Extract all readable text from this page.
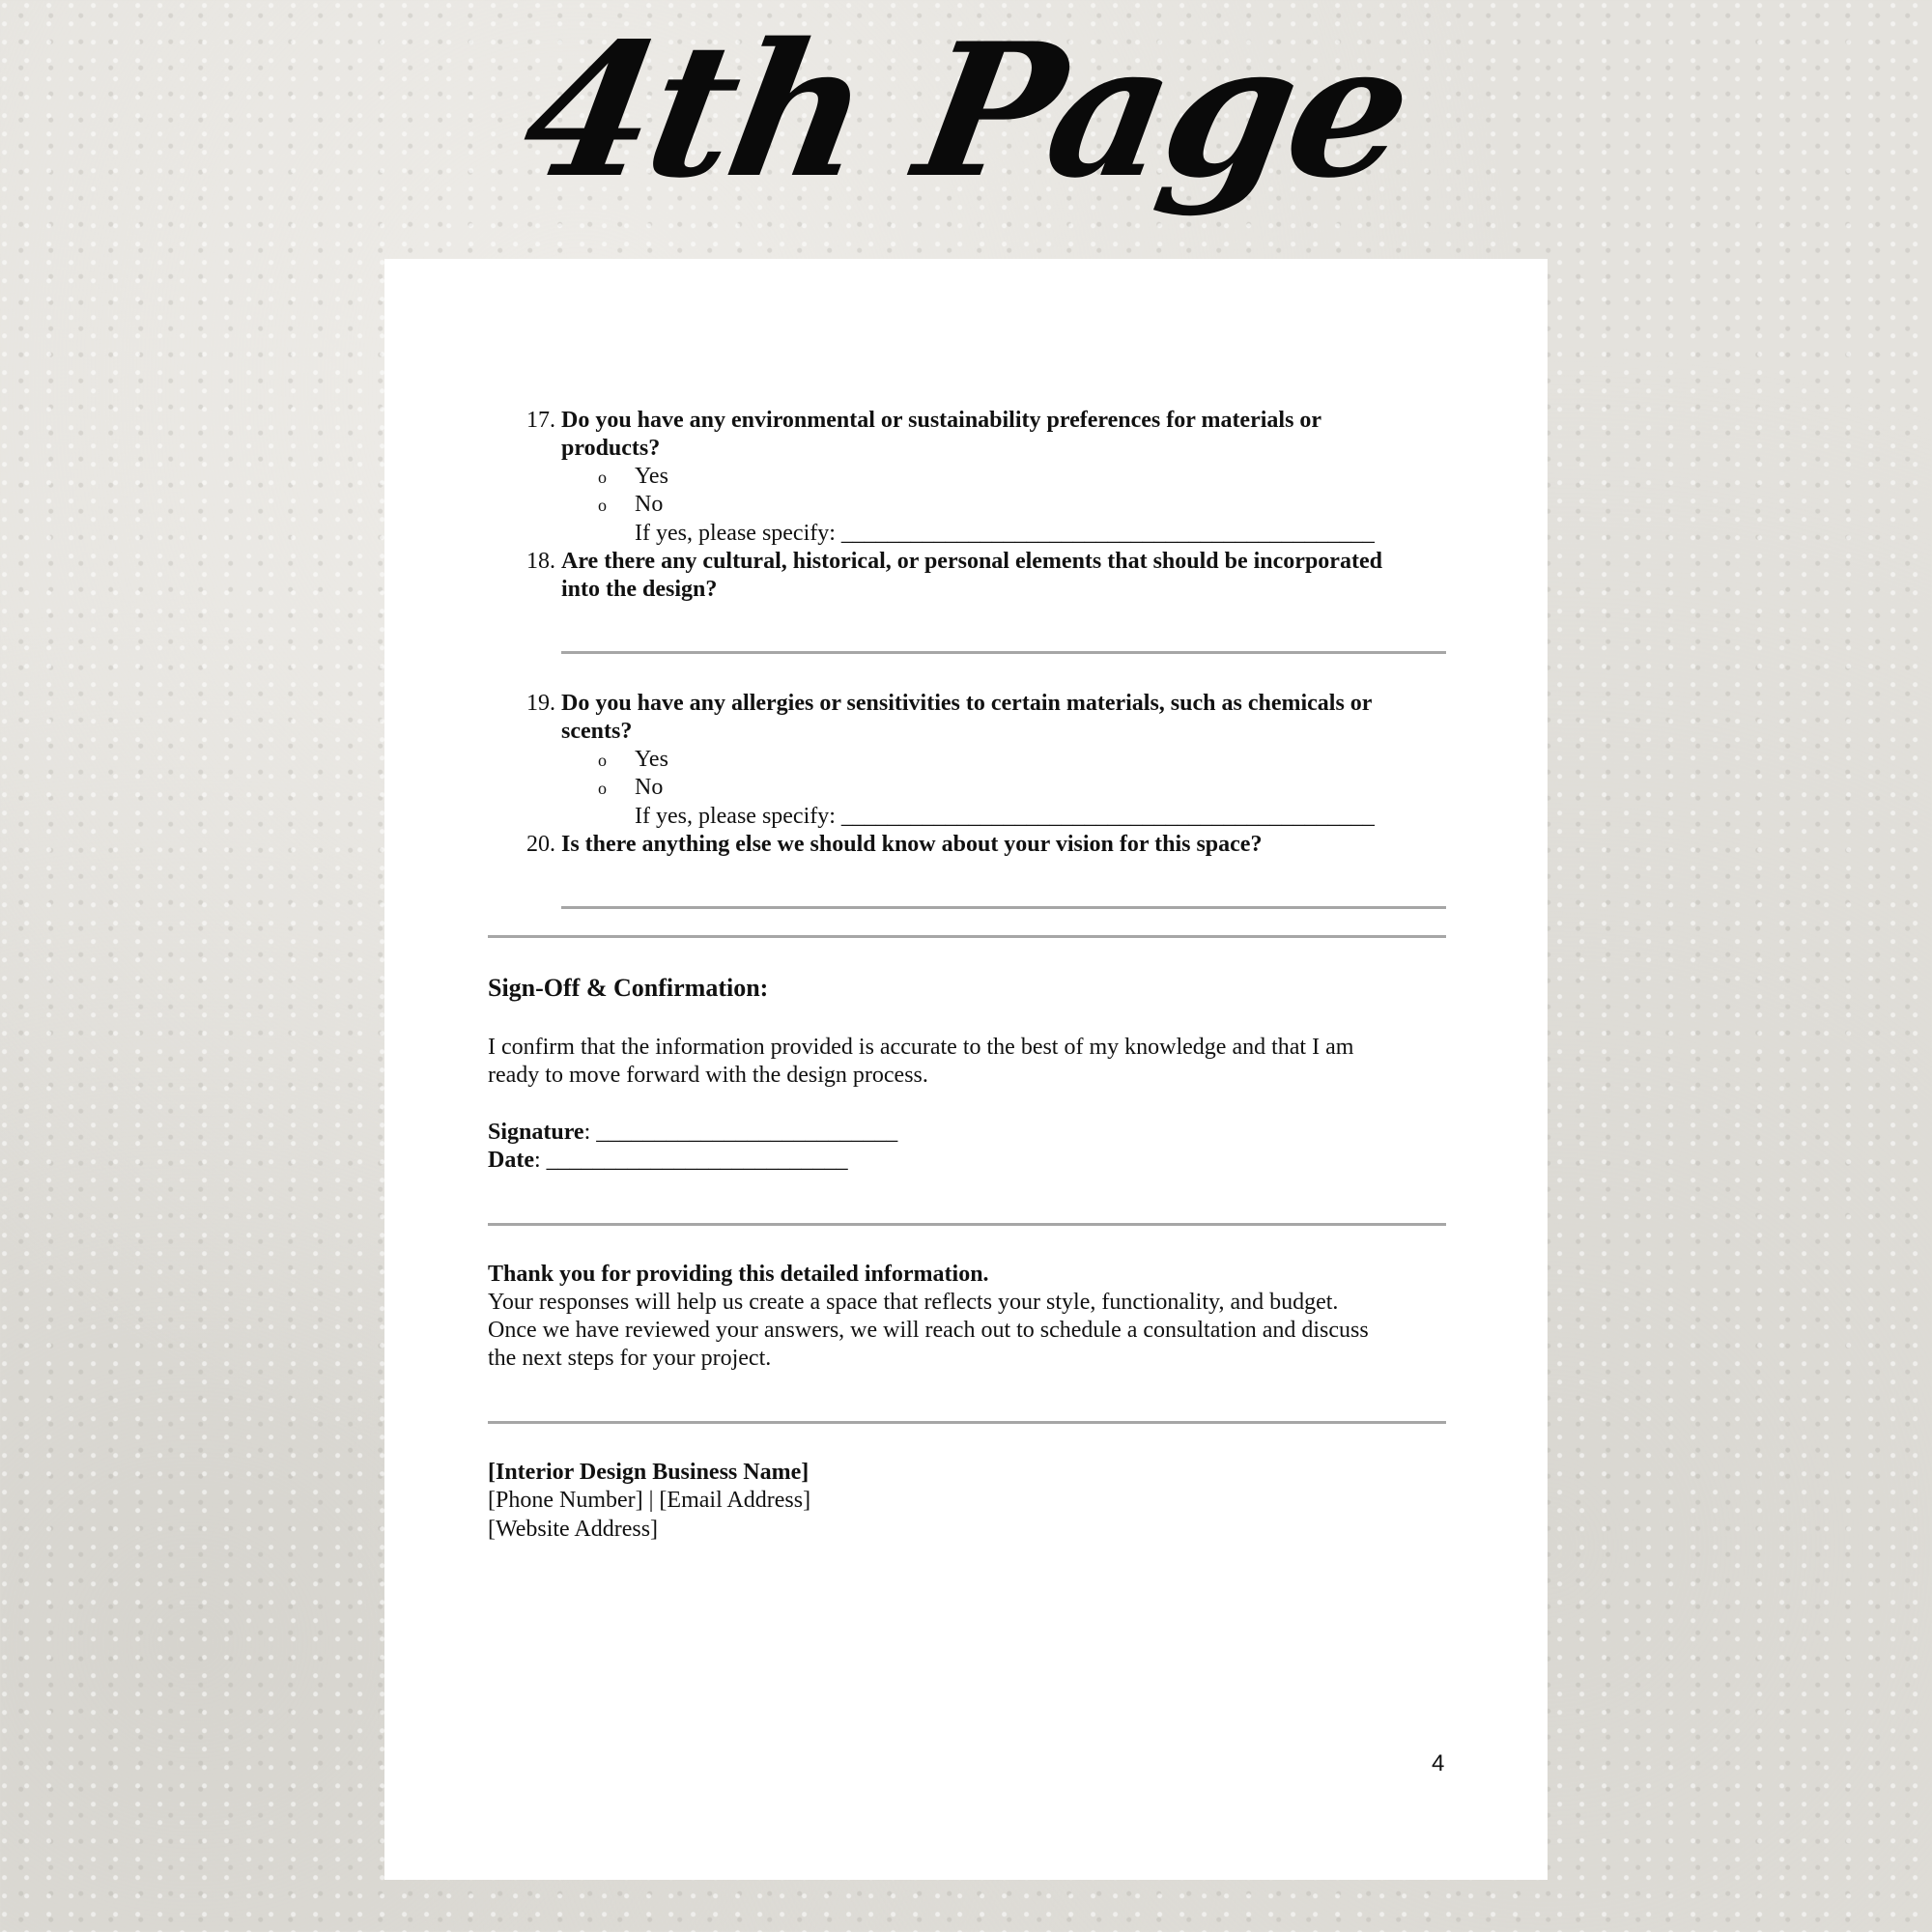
4th Page
17. Do you have any environmental or sustainability preferences for materials or
products?
o Yes
o No
If yes, please specify: ______________________________________________
18. Are there any cultural, historical, or personal elements that should be incorporated
into the design?
19. Do you have any allergies or sensitivities to certain materials, such as chemicals or
scents?
o Yes
o No
If yes, please specify: ______________________________________________
20. Is there anything else we should know about your vision for this space?
Sign-Off & Confirmation:
I confirm that the information provided is accurate to the best of my knowledge and that I am
ready to move forward with the design process.
Signature: __________________________
Date: __________________________
Thank you for providing this detailed information.
Your responses will help us create a space that reflects your style, functionality, and budget.
Once we have reviewed your answers, we will reach out to schedule a consultation and discuss
the next steps for your project.
[Interior Design Business Name]
[Phone Number] | [Email Address]
[Website Address]
4
